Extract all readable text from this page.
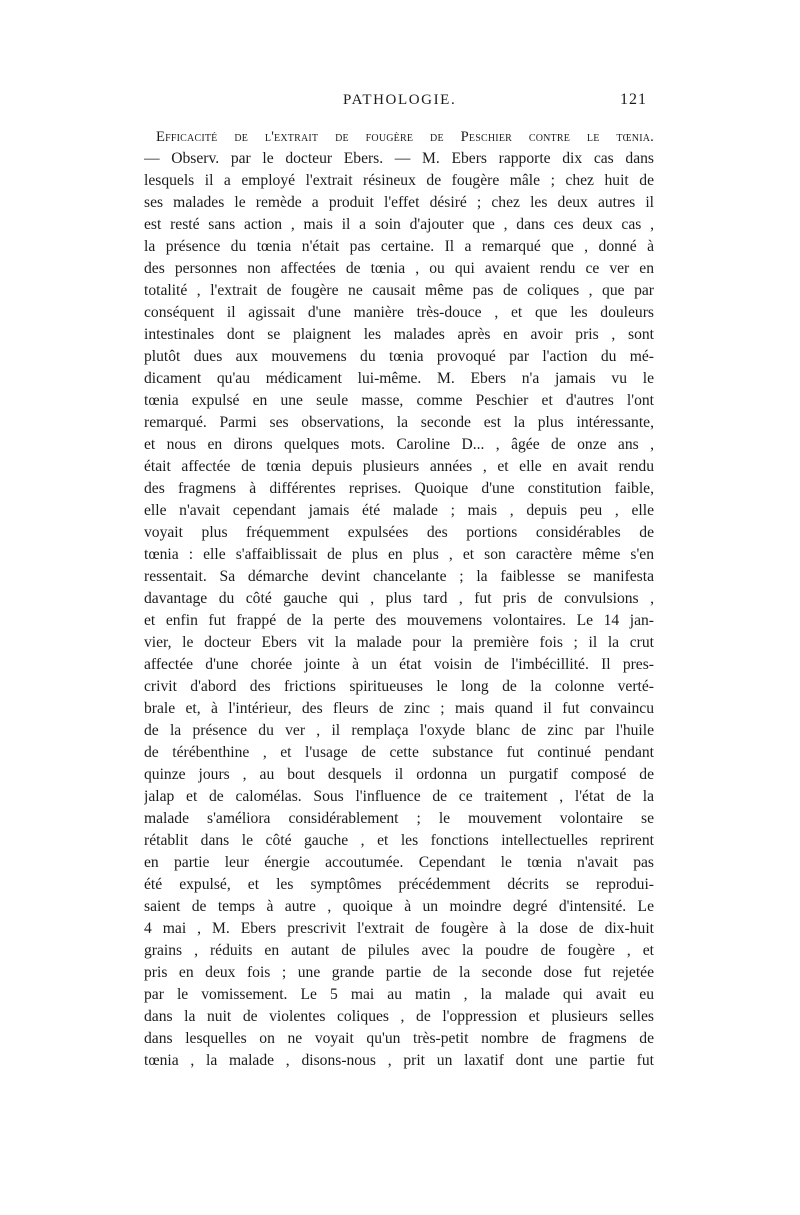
PATHOLOGIE.	121
Efficacité de l'extrait de fougère de Peschier contre le tœnia.
— Observ. par le docteur Ebers. — M. Ebers rapporte dix cas dans
lesquels il a employé l'extrait résineux de fougère mâle ; chez huit de
ses malades le remède a produit l'effet désiré ; chez les deux autres il
est resté sans action , mais il a soin d'ajouter que , dans ces deux cas ,
la présence du tœnia n'était pas certaine. Il a remarqué que , donné à
des personnes non affectées de tœnia , ou qui avaient rendu ce ver en
totalité , l'extrait de fougère ne causait même pas de coliques , que par
conséquent il agissait d'une manière très-douce , et que les douleurs
intestinales dont se plaignent les malades après en avoir pris , sont
plutôt dues aux mouvemens du tœnia provoqué par l'action du mé-
dicament qu'au médicament lui-même. M. Ebers n'a jamais vu le
tœnia expulsé en une seule masse, comme Peschier et d'autres l'ont
remarqué. Parmi ses observations, la seconde est la plus intéressante,
et nous en dirons quelques mots. Caroline D... , âgée de onze ans ,
était affectée de tœnia depuis plusieurs années , et elle en avait rendu
des fragmens à différentes reprises. Quoique d'une constitution faible,
elle n'avait cependant jamais été malade ; mais , depuis peu , elle
voyait plus fréquemment expulsées des portions considérables de
tœnia : elle s'affaiblissait de plus en plus , et son caractère même s'en
ressentait. Sa démarche devint chancelante ; la faiblesse se manifesta
davantage du côté gauche qui , plus tard , fut pris de convulsions ,
et enfin fut frappé de la perte des mouvemens volontaires. Le 14 jan-
vier, le docteur Ebers vit la malade pour la première fois ; il la crut
affectée d'une chorée jointe à un état voisin de l'imbécillité. Il pres-
crivit d'abord des frictions spiritueuses le long de la colonne verté-
brale et, à l'intérieur, des fleurs de zinc ; mais quand il fut convaincu
de la présence du ver , il remplaça l'oxyde blanc de zinc par l'huile
de térébenthine , et l'usage de cette substance fut continué pendant
quinze jours , au bout desquels il ordonna un purgatif composé de
jalap et de calomélas. Sous l'influence de ce traitement , l'état de la
malade s'améliora considérablement ; le mouvement volontaire se
rétablit dans le côté gauche , et les fonctions intellectuelles reprirent
en partie leur énergie accoutumée. Cependant le tœnia n'avait pas
été expulsé, et les symptômes précédemment décrits se reprodui-
saient de temps à autre , quoique à un moindre degré d'intensité. Le
4 mai , M. Ebers prescrivit l'extrait de fougère à la dose de dix-huit
grains , réduits en autant de pilules avec la poudre de fougère , et
pris en deux fois ; une grande partie de la seconde dose fut rejetée
par le vomissement. Le 5 mai au matin , la malade qui avait eu
dans la nuit de violentes coliques , de l'oppression et plusieurs selles
dans lesquelles on ne voyait qu'un très-petit nombre de fragmens de
tœnia , la malade , disons-nous , prit un laxatif dont une partie fut
